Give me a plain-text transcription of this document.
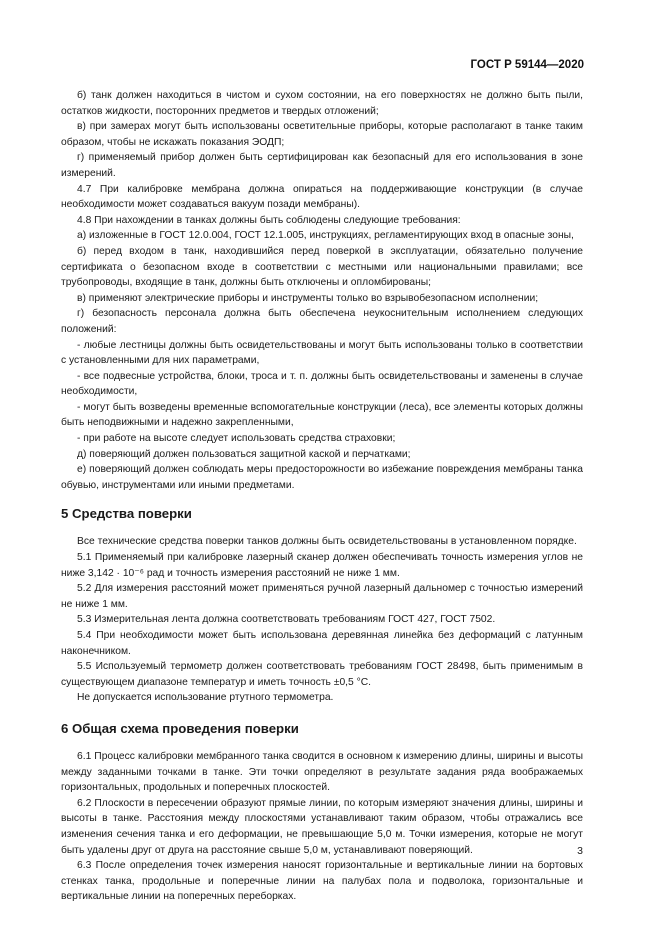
ГОСТ Р 59144—2020

б) танк должен находиться в чистом и сухом состоянии, на его поверхностях не должно быть пыли, остатков жидкости, посторонних предметов и твердых отложений;

в) при замерах могут быть использованы осветительные приборы, которые располагают в танке таким образом, чтобы не искажать показания ЭОДП;

г) применяемый прибор должен быть сертифицирован как безопасный для его использования в зоне измерений.

4.7 При калибровке мембрана должна опираться на поддерживающие конструкции (в случае необходимости может создаваться вакуум позади мембраны).

4.8 При нахождении в танках должны быть соблюдены следующие требования:

а) изложенные в ГОСТ 12.0.004, ГОСТ 12.1.005, инструкциях, регламентирующих вход в опасные зоны,

б) перед входом в танк, находившийся перед поверкой в эксплуатации, обязательно получение сертификата о безопасном входе в соответствии с местными или национальными правилами; все трубопроводы, входящие в танк, должны быть отключены и опломбированы;

в) применяют электрические приборы и инструменты только во взрывобезопасном исполнении;

г) безопасность персонала должна быть обеспечена неукоснительным исполнением следующих положений:

- любые лестницы должны быть освидетельствованы и могут быть использованы только в соответствии с установленными для них параметрами,

- все подвесные устройства, блоки, троса и т. п. должны быть освидетельствованы и заменены в случае необходимости,

- могут быть возведены временные вспомогательные конструкции (леса), все элементы которых должны быть неподвижными и надежно закрепленными,

- при работе на высоте следует использовать средства страховки;

д) поверяющий должен пользоваться защитной каской и перчатками;

е) поверяющий должен соблюдать меры предосторожности во избежание повреждения мембраны танка обувью, инструментами или иными предметами.

5 Средства поверки

Все технические средства поверки танков должны быть освидетельствованы в установленном порядке.

5.1 Применяемый при калибровке лазерный сканер должен обеспечивать точность измерения углов не ниже 3,142 · 10⁻⁶ рад и точность измерения расстояний не ниже 1 мм.

5.2 Для измерения расстояний может применяться ручной лазерный дальномер с точностью измерений не ниже 1 мм.

5.3 Измерительная лента должна соответствовать требованиям ГОСТ 427, ГОСТ 7502.

5.4 При необходимости может быть использована деревянная линейка без деформаций с латунным наконечником.

5.5 Используемый термометр должен соответствовать требованиям ГОСТ 28498, быть применимым в существующем диапазоне температур и иметь точность ±0,5 °С.

Не допускается использование ртутного термометра.

6 Общая схема проведения поверки

6.1 Процесс калибровки мембранного танка сводится в основном к измерению длины, ширины и высоты между заданными точками в танке. Эти точки определяют в результате задания ряда воображаемых горизонтальных, продольных и поперечных плоскостей.

6.2 Плоскости в пересечении образуют прямые линии, по которым измеряют значения длины, ширины и высоты в танке. Расстояния между плоскостями устанавливают таким образом, чтобы отражались все изменения сечения танка и его деформации, не превышающие 5,0 м. Точки измерения, которые не могут быть удалены друг от друга на расстояние свыше 5,0 м, устанавливают поверяющий.

6.3 После определения точек измерения наносят горизонтальные и вертикальные линии на бортовых стенках танка, продольные и поперечные линии на палубах пола и подволока, горизонтальные и вертикальные линии на поперечных переборках.

3
